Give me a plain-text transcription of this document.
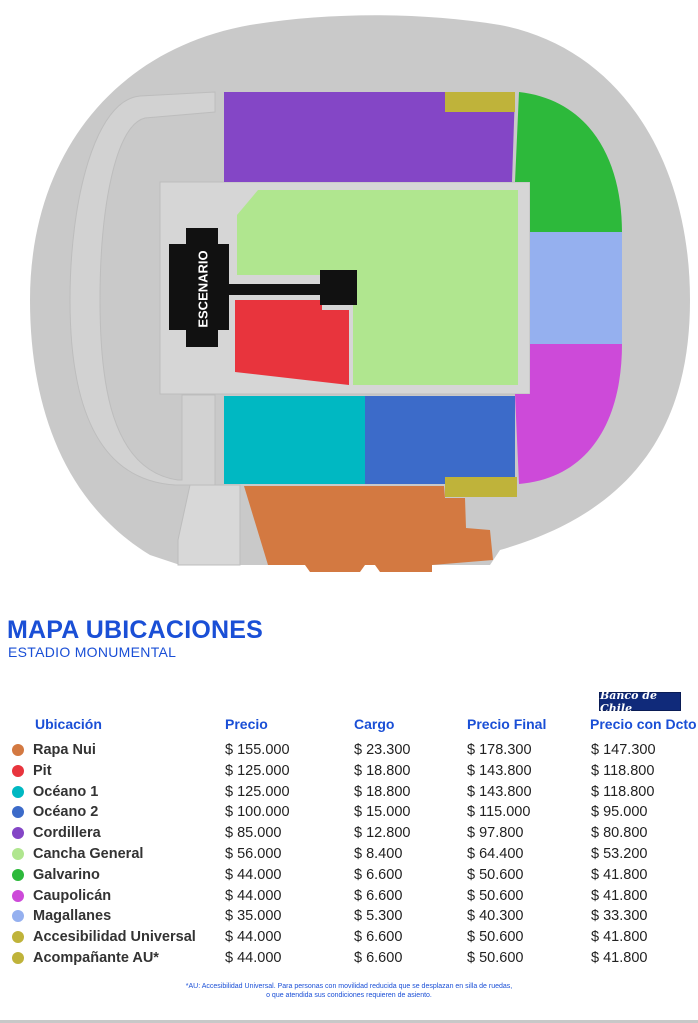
ESCENARIO
MAPA UBICACIONES
ESTADIO MONUMENTAL
Banco de Chile
Ubicación	Precio	Cargo	Precio Final	Precio con Dcto
Rapa Nui	$ 155.000	$ 23.300	$ 178.300	$ 147.300
Pit	$ 125.000	$ 18.800	$ 143.800	$ 118.800
Océano 1	$ 125.000	$ 18.800	$ 143.800	$ 118.800
Océano 2	$ 100.000	$ 15.000	$ 115.000	$ 95.000
Cordillera	$ 85.000	$ 12.800	$ 97.800	$ 80.800
Cancha General	$ 56.000	$ 8.400	$ 64.400	$ 53.200
Galvarino	$ 44.000	$ 6.600	$ 50.600	$ 41.800
Caupolicán	$ 44.000	$ 6.600	$ 50.600	$ 41.800
Magallanes	$ 35.000	$ 5.300	$ 40.300	$ 33.300
Accesibilidad Universal $ 44.000	$ 6.600	$ 50.600	$ 41.800
Acompañante AU*	$ 44.000	$ 6.600	$ 50.600	$ 41.800
*AU: Accesibilidad Universal. Para personas con movilidad reducida que se desplazan en silla de ruedas,
o que atendida sus condiciones requieren de asiento.
